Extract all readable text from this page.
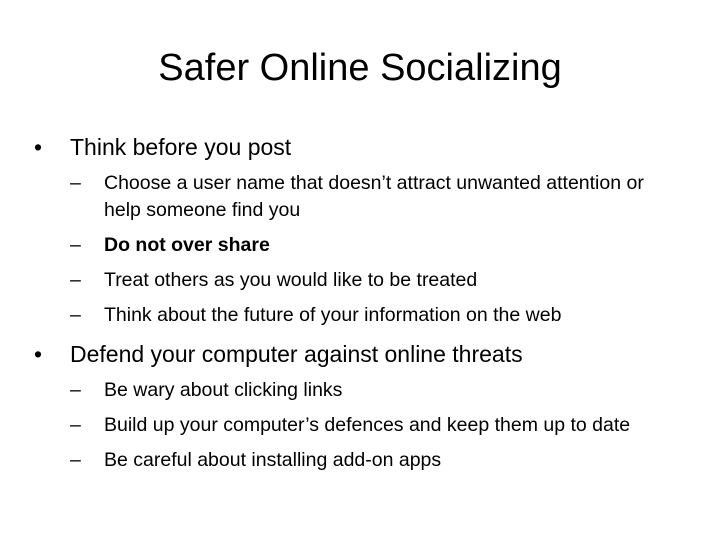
Safer Online Socializing
•	Think before you post
–	Choose a user name that doesn’t attract unwanted attention or help someone find you
–	Do not over share
–	Treat others as you would like to be treated
–	Think about the future of your information on the web
•	Defend your computer against online threats
–	Be wary about clicking links
–	Build up your computer’s defences and keep them up to date
–	Be careful about installing add-on apps
